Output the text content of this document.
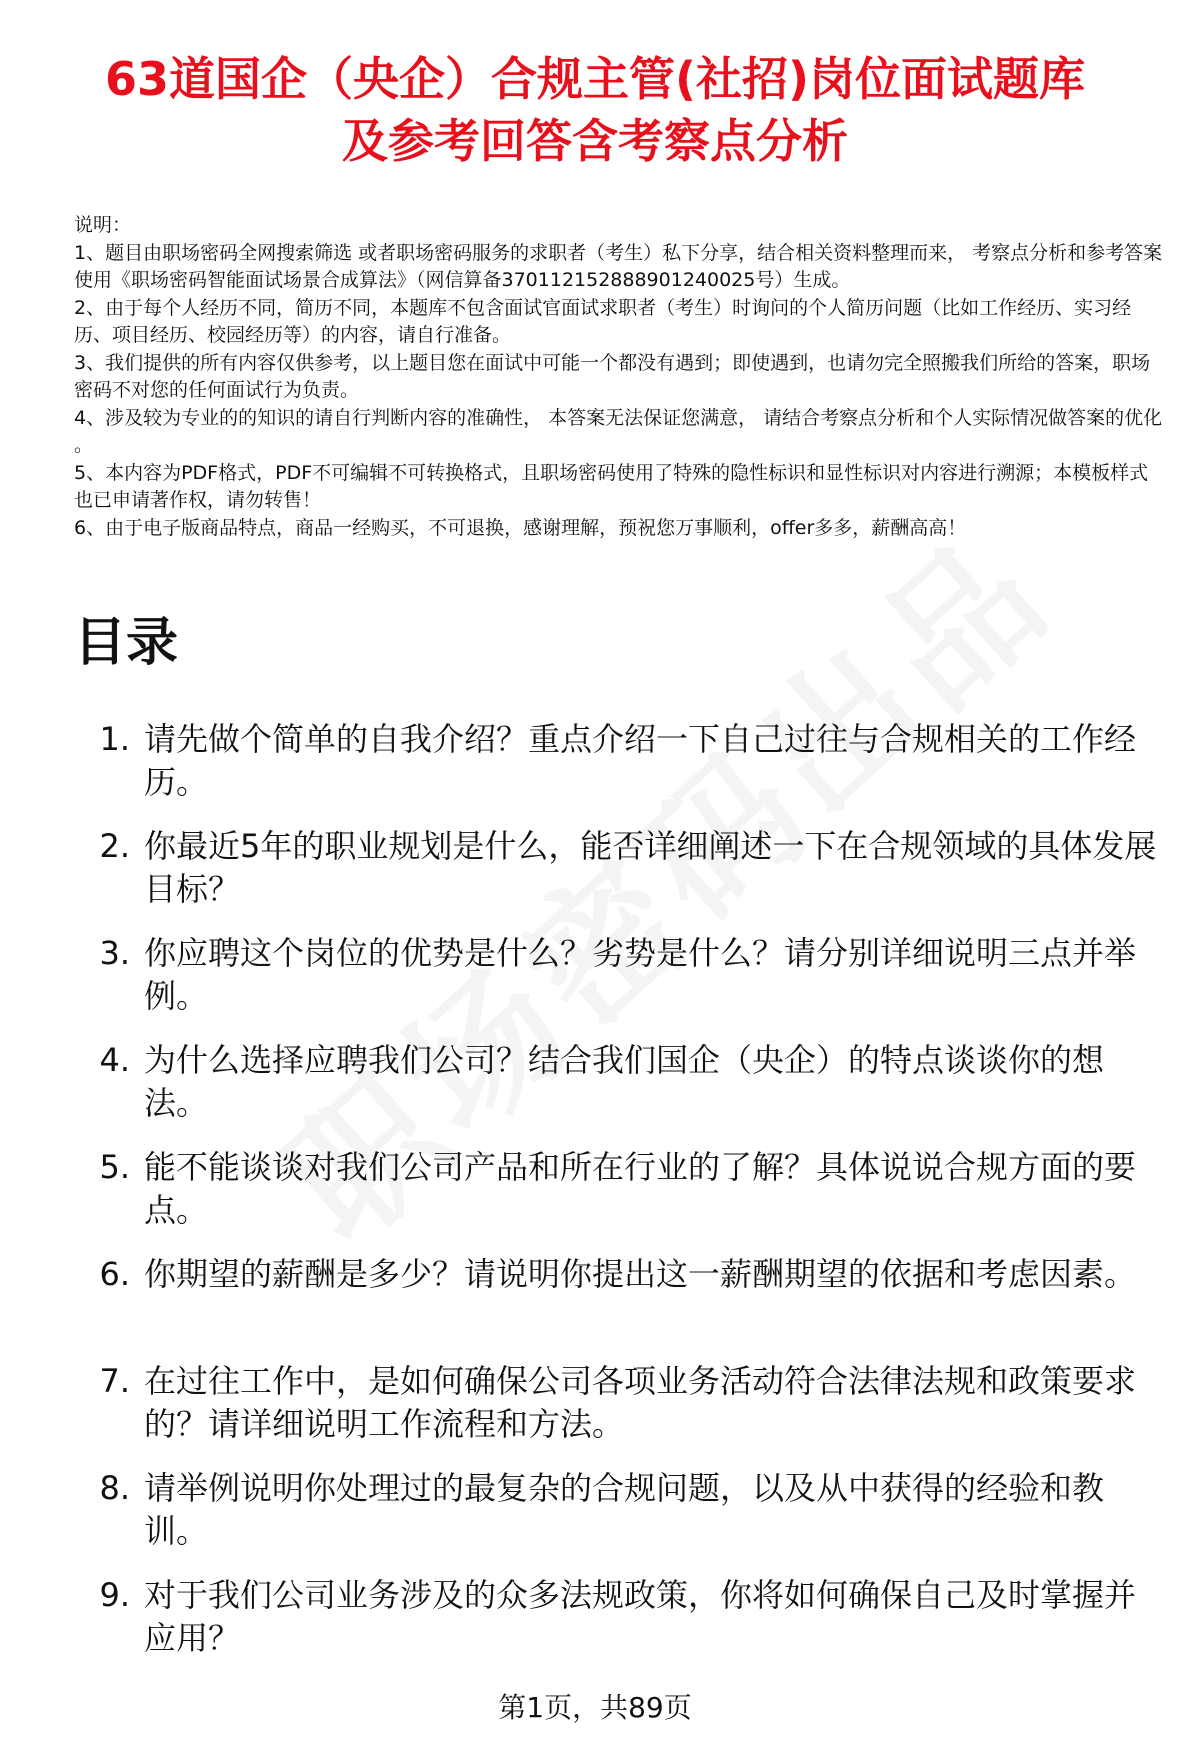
63道国企（央企）合规主管(社招)岗位面试题库
及参考回答含考察点分析

说明：

1、题目由职场密码全网搜索筛选 或者职场密码服务的求职者（考生）私下分享，结合相关资料整理而来， 考察点分析和参考答案使用《职场密码智能面试场景合成算法》（网信算备370112152888901240025号）生成。

2、由于每个人经历不同，简历不同，本题库不包含面试官面试求职者（考生）时询问的个人简历问题（比如工作经历、实习经历、项目经历、校园经历等）的内容，请自行准备。

3、我们提供的所有内容仅供参考，以上题目您在面试中可能一个都没有遇到；即使遇到，也请勿完全照搬我们所给的答案，职场密码不对您的任何面试行为负责。

4、涉及较为专业的的知识的请自行判断内容的准确性， 本答案无法保证您满意， 请结合考察点分析和个人实际情况做答案的优化 。

5、本内容为PDF格式，PDF不可编辑不可转换格式，且职场密码使用了特殊的隐性标识和显性标识对内容进行溯源；本模板样式也已申请著作权，请勿转售！

6、由于电子版商品特点，商品一经购买，不可退换，感谢理解，预祝您万事顺利，offer多多，薪酬高高！

目录
1. 请先做个简单的自我介绍？重点介绍一下自己过往与合规相关的工作经历。
2. 你最近5年的职业规划是什么，能否详细阐述一下在合规领域的具体发展目标？
3. 你应聘这个岗位的优势是什么？劣势是什么？请分别详细说明三点并举例。
4. 为什么选择应聘我们公司？结合我们国企（央企）的特点谈谈你的想法。
5. 能不能谈谈对我们公司产品和所在行业的了解？具体说说合规方面的要点。
6. 你期望的薪酬是多少？请说明你提出这一薪酬期望的依据和考虑因素。
7. 在过往工作中，是如何确保公司各项业务活动符合法律法规和政策要求的？请详细说明工作流程和方法。
8. 请举例说明你处理过的最复杂的合规问题，以及从中获得的经验和教训。
9. 对于我们公司业务涉及的众多法规政策，你将如何确保自己及时掌握并应用？
第1页，共89页
